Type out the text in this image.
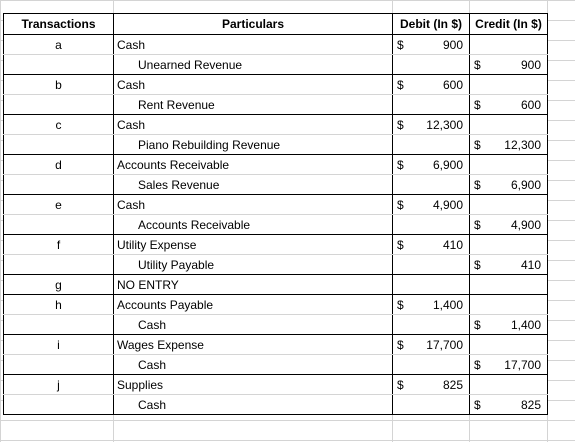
Transactions	Particulars	Debit (In $)	Credit (In $)
a	Cash	$ 900	

	Unearned Revenue		$ 900

b	Cash	$ 600	

	Rent Revenue		$ 600

c	Cash	$ 12,300	

	Piano Rebuilding Revenue		$ 12,300

d	Accounts Receivable	$ 6,900	

	Sales Revenue		$ 6,900

e	Cash	$ 4,900	

	Accounts Receivable		$ 4,900

f	Utility Expense	$ 410	

	Utility Payable		$ 410

g	NO ENTRY		
h	Accounts Payable	$ 1,400	

	Cash		$ 1,400

i	Wages Expense	$ 17,700	

	Cash		$ 17,700

j	Supplies	$ 825	

	Cash		$ 825
